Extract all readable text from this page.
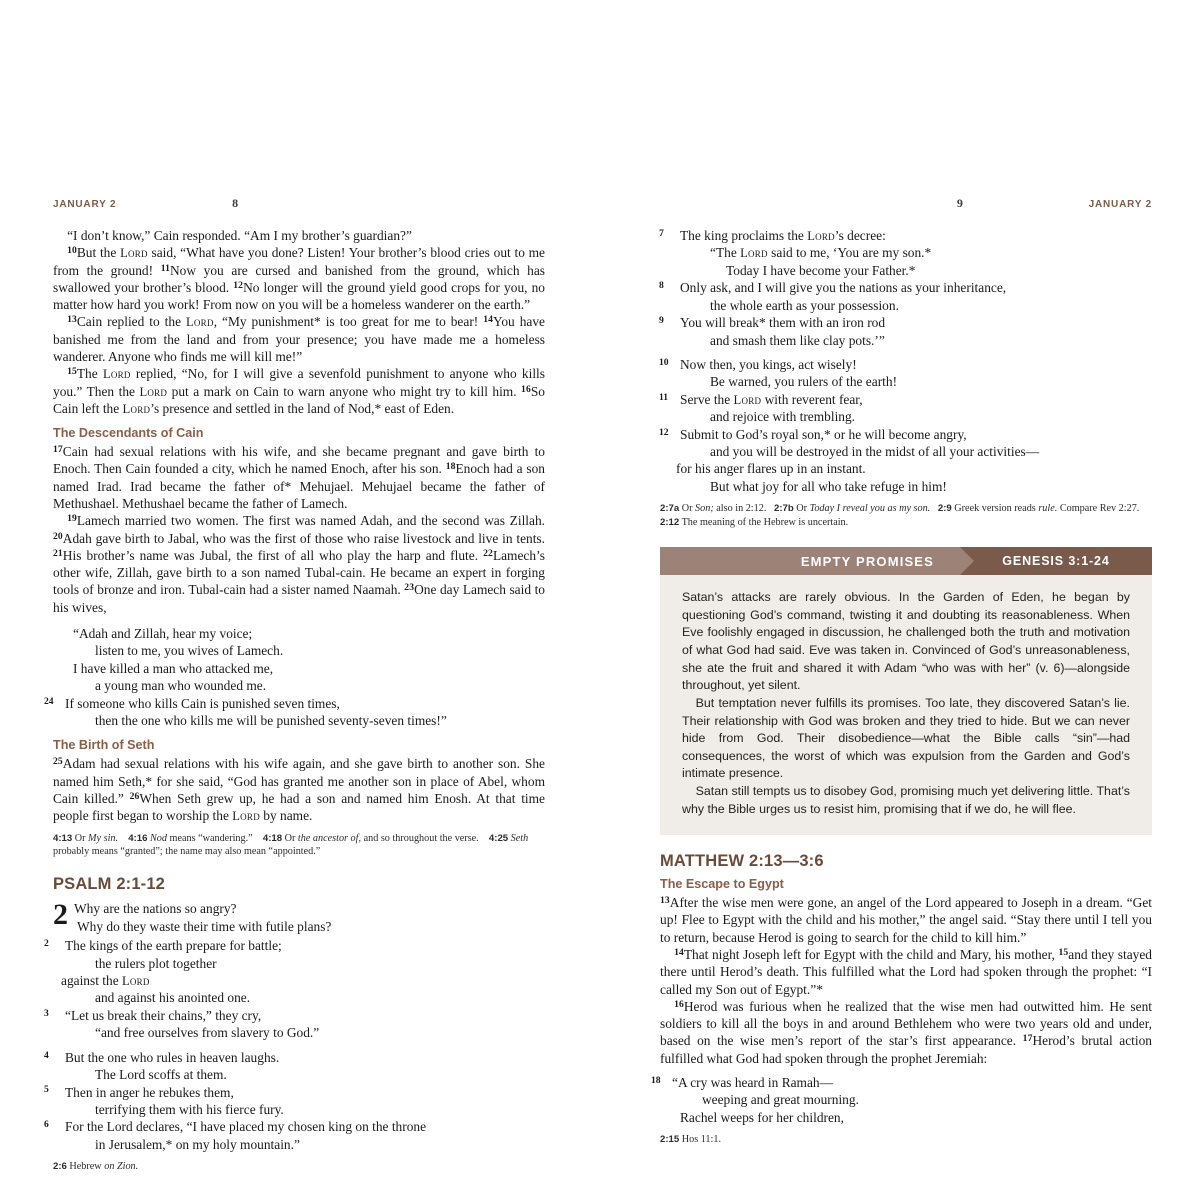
JANUARY 2	8

“I don’t know,” Cain responded. “Am I my brother’s guardian?”

$^{10}$But the Lord said, “What have you done? Listen! Your brother’s blood cries out to me from the ground! $^{11}$Now you are cursed and banished from the ground, which has swallowed your brother’s blood. $^{12}$No longer will the ground yield good crops for you, no matter how hard you work! From now on you will be a homeless wanderer on the earth.”

$^{13}$Cain replied to the Lord, “My punishment* is too great for me to bear! $^{14}$You have banished me from the land and from your presence; you have made me a homeless wanderer. Anyone who finds me will kill me!”

$^{15}$The Lord replied, “No, for I will give a sevenfold punishment to anyone who kills you.” Then the Lord put a mark on Cain to warn anyone who might try to kill him. $^{16}$So Cain left the Lord’s presence and settled in the land of Nod,* east of Eden.

The Descendants of Cain

$^{17}$Cain had sexual relations with his wife, and she became pregnant and gave birth to Enoch. Then Cain founded a city, which he named Enoch, after his son. $^{18}$Enoch had a son named Irad. Irad became the father of* Mehujael. Mehujael became the father of Methushael. Methushael became the father of Lamech.

$^{19}$Lamech married two women. The first was named Adah, and the second was Zillah. $^{20}$Adah gave birth to Jabal, who was the first of those who raise livestock and live in tents. $^{21}$His brother’s name was Jubal, the first of all who play the harp and flute. $^{22}$Lamech’s other wife, Zillah, gave birth to a son named Tubal-cain. He became an expert in forging tools of bronze and iron. Tubal-cain had a sister named Naamah. $^{23}$One day Lamech said to his wives,

“Adah and Zillah, hear my voice;
listen to me, you wives of Lamech.
I have killed a man who attacked me,
a young man who wounded me.
24 If someone who kills Cain is punished seven times,
then the one who kills me will be punished seventy-seven times!”
The Birth of Seth

$^{25}$Adam had sexual relations with his wife again, and she gave birth to another son. She named him Seth,* for she said, “God has granted me another son in place of Abel, whom Cain killed.” $^{26}$When Seth grew up, he had a son and named him Enosh. At that time people first began to worship the Lord by name.

4:13 Or My sin. 4:16 Nod means “wandering.”    4:18 Or the ancestor of, and so throughout the verse.    4:25 Seth probably means “granted”; the name may also mean “appointed.”
PSALM 2:1-12
2 Why are the nations so angry?
Why do they waste their time with futile plans?
2 The kings of the earth prepare for battle;
the rulers plot together
against the Lord
and against his anointed one.
3 “Let us break their chains,” they cry,
“and free ourselves from slavery to God.”
4 But the one who rules in heaven laughs.
The Lord scoffs at them.
5 Then in anger he rebukes them,
terrifying them with his fierce fury.
6 For the Lord declares, “I have placed my chosen king on the throne
in Jerusalem,* on my holy mountain.”
2:6 Hebrew on Zion.
9	JANUARY 2
7 The king proclaims the Lord’s decree:
“The Lord said to me, ‘You are my son.*
Today I have become your Father.*
8 Only ask, and I will give you the nations as your inheritance,
the whole earth as your possession.
9 You will break* them with an iron rod
and smash them like clay pots.’”
10 Now then, you kings, act wisely!
Be warned, you rulers of the earth!
11 Serve the Lord with reverent fear,
and rejoice with trembling.
12 Submit to God’s royal son,* or he will become angry,
and you will be destroyed in the midst of all your activities—
for his anger flares up in an instant.
But what joy for all who take refuge in him!
2:7a Or Son; also in 2:12.   2:7b Or Today I reveal you as my son. 2:9 Greek version reads rule. Compare Rev 2:27. 2:12 The meaning of the Hebrew is uncertain.
EMPTY PROMISES	GENESIS 3:1-24

Satan’s attacks are rarely obvious. In the Garden of Eden, he began by questioning God’s command, twisting it and doubting its reasonableness. When Eve foolishly engaged in discussion, he challenged both the truth and motivation of what God had said. Eve was taken in. Convinced of God’s unreasonableness, she ate the fruit and shared it with Adam “who was with her” (v. 6)—alongside throughout, yet silent.

But temptation never fulfills its promises. Too late, they discovered Satan’s lie. Their relationship with God was broken and they tried to hide. But we can never hide from God. Their disobedience—what the Bible calls “sin”—had consequences, the worst of which was expulsion from the Garden and God’s intimate presence.

Satan still tempts us to disobey God, promising much yet delivering little. That’s why the Bible urges us to resist him, promising that if we do, he will flee.

MATTHEW 2:13—3:6
The Escape to Egypt

$^{13}$After the wise men were gone, an angel of the Lord appeared to Joseph in a dream. “Get up! Flee to Egypt with the child and his mother,” the angel said. “Stay there until I tell you to return, because Herod is going to search for the child to kill him.”

$^{14}$That night Joseph left for Egypt with the child and Mary, his mother, $^{15}$and they stayed there until Herod’s death. This fulfilled what the Lord had spoken through the prophet: “I called my Son out of Egypt.”*

$^{16}$Herod was furious when he realized that the wise men had outwitted him. He sent soldiers to kill all the boys in and around Bethlehem who were two years old and under, based on the wise men’s report of the star’s first appearance. $^{17}$Herod’s brutal action fulfilled what God had spoken through the prophet Jeremiah:

18 “A cry was heard in Ramah—
weeping and great mourning.
Rachel weeps for her children,
2:15 Hos 11:1.
